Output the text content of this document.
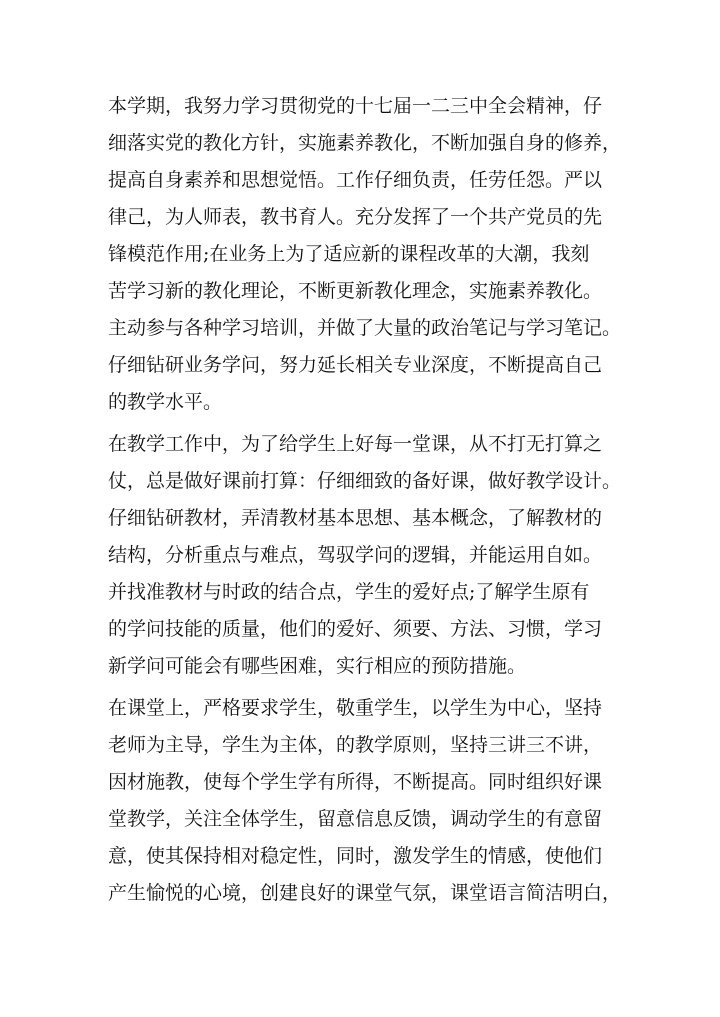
本学期，我努力学习贯彻党的十七届一二三中全会精神，仔
细落实党的教化方针，实施素养教化，不断加强自身的修养，
提高自身素养和思想觉悟。工作仔细负责，任劳任怨。严以
律己，为人师表，教书育人。充分发挥了一个共产党员的先
锋模范作用;在业务上为了适应新的课程改革的大潮，我刻
苦学习新的教化理论，不断更新教化理念，实施素养教化。
主动参与各种学习培训，并做了大量的政治笔记与学习笔记。
仔细钻研业务学问，努力延长相关专业深度，不断提高自己
的教学水平。
在教学工作中，为了给学生上好每一堂课，从不打无打算之
仗，总是做好课前打算：仔细细致的备好课，做好教学设计。
仔细钻研教材，弄清教材基本思想、基本概念，了解教材的
结构，分析重点与难点，驾驭学问的逻辑，并能运用自如。
并找准教材与时政的结合点，学生的爱好点;了解学生原有
的学问技能的质量，他们的爱好、须要、方法、习惯，学习
新学问可能会有哪些困难，实行相应的预防措施。
在课堂上，严格要求学生，敬重学生，以学生为中心，坚持
老师为主导，学生为主体，的教学原则，坚持三讲三不讲，
因材施教，使每个学生学有所得，不断提高。同时组织好课
堂教学，关注全体学生，留意信息反馈，调动学生的有意留
意，使其保持相对稳定性，同时，激发学生的情感，使他们
产生愉悦的心境，创建良好的课堂气氛，课堂语言简洁明白，
